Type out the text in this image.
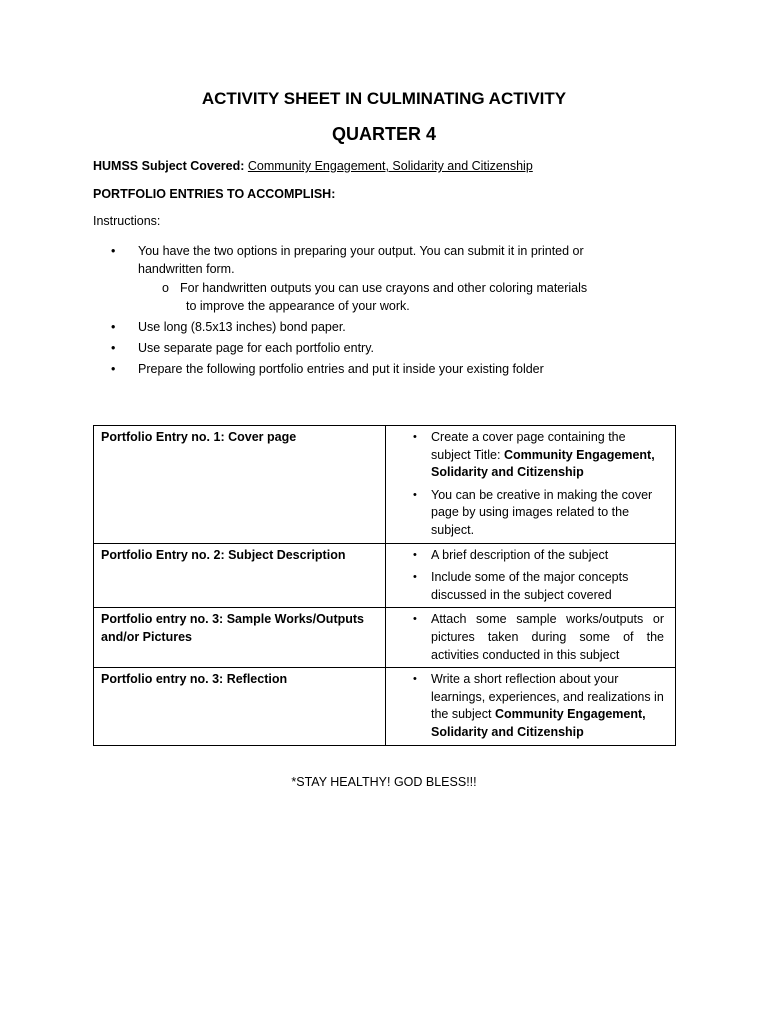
ACTIVITY SHEET IN CULMINATING ACTIVITY
QUARTER 4
HUMSS Subject Covered: Community Engagement, Solidarity and Citizenship
PORTFOLIO ENTRIES TO ACCOMPLISH:
Instructions:
• You have the two options in preparing your output. You can submit it in printed or
handwritten form.
o For handwritten outputs you can use crayons and other coloring materials

to improve the appearance of your work.
• Use long (8.5x13 inches) bond paper.
• Use separate page for each portfolio entry.
• Prepare the following portfolio entries and put it inside your existing folder
Portfolio Entry no. 1: Cover page	• Create a cover page containing the subject Title: Community Engagement, Solidarity and Citizenship
• You can be creative in making the cover page by using images related to the subject.

Portfolio Entry no. 2: Subject Description	• A brief description of the subject
• Include some of the major concepts discussed in the subject covered

Portfolio entry no. 3: Sample Works/Outputs and/or Pictures	• Attach some sample works/outputs or pictures taken during some of the activities conducted in this subject

Portfolio entry no. 3: Reflection	• Write a short reflection about your learnings, experiences, and realizations in the subject Community Engagement, Solidarity and Citizenship
*STAY HEALTHY! GOD BLESS!!!
